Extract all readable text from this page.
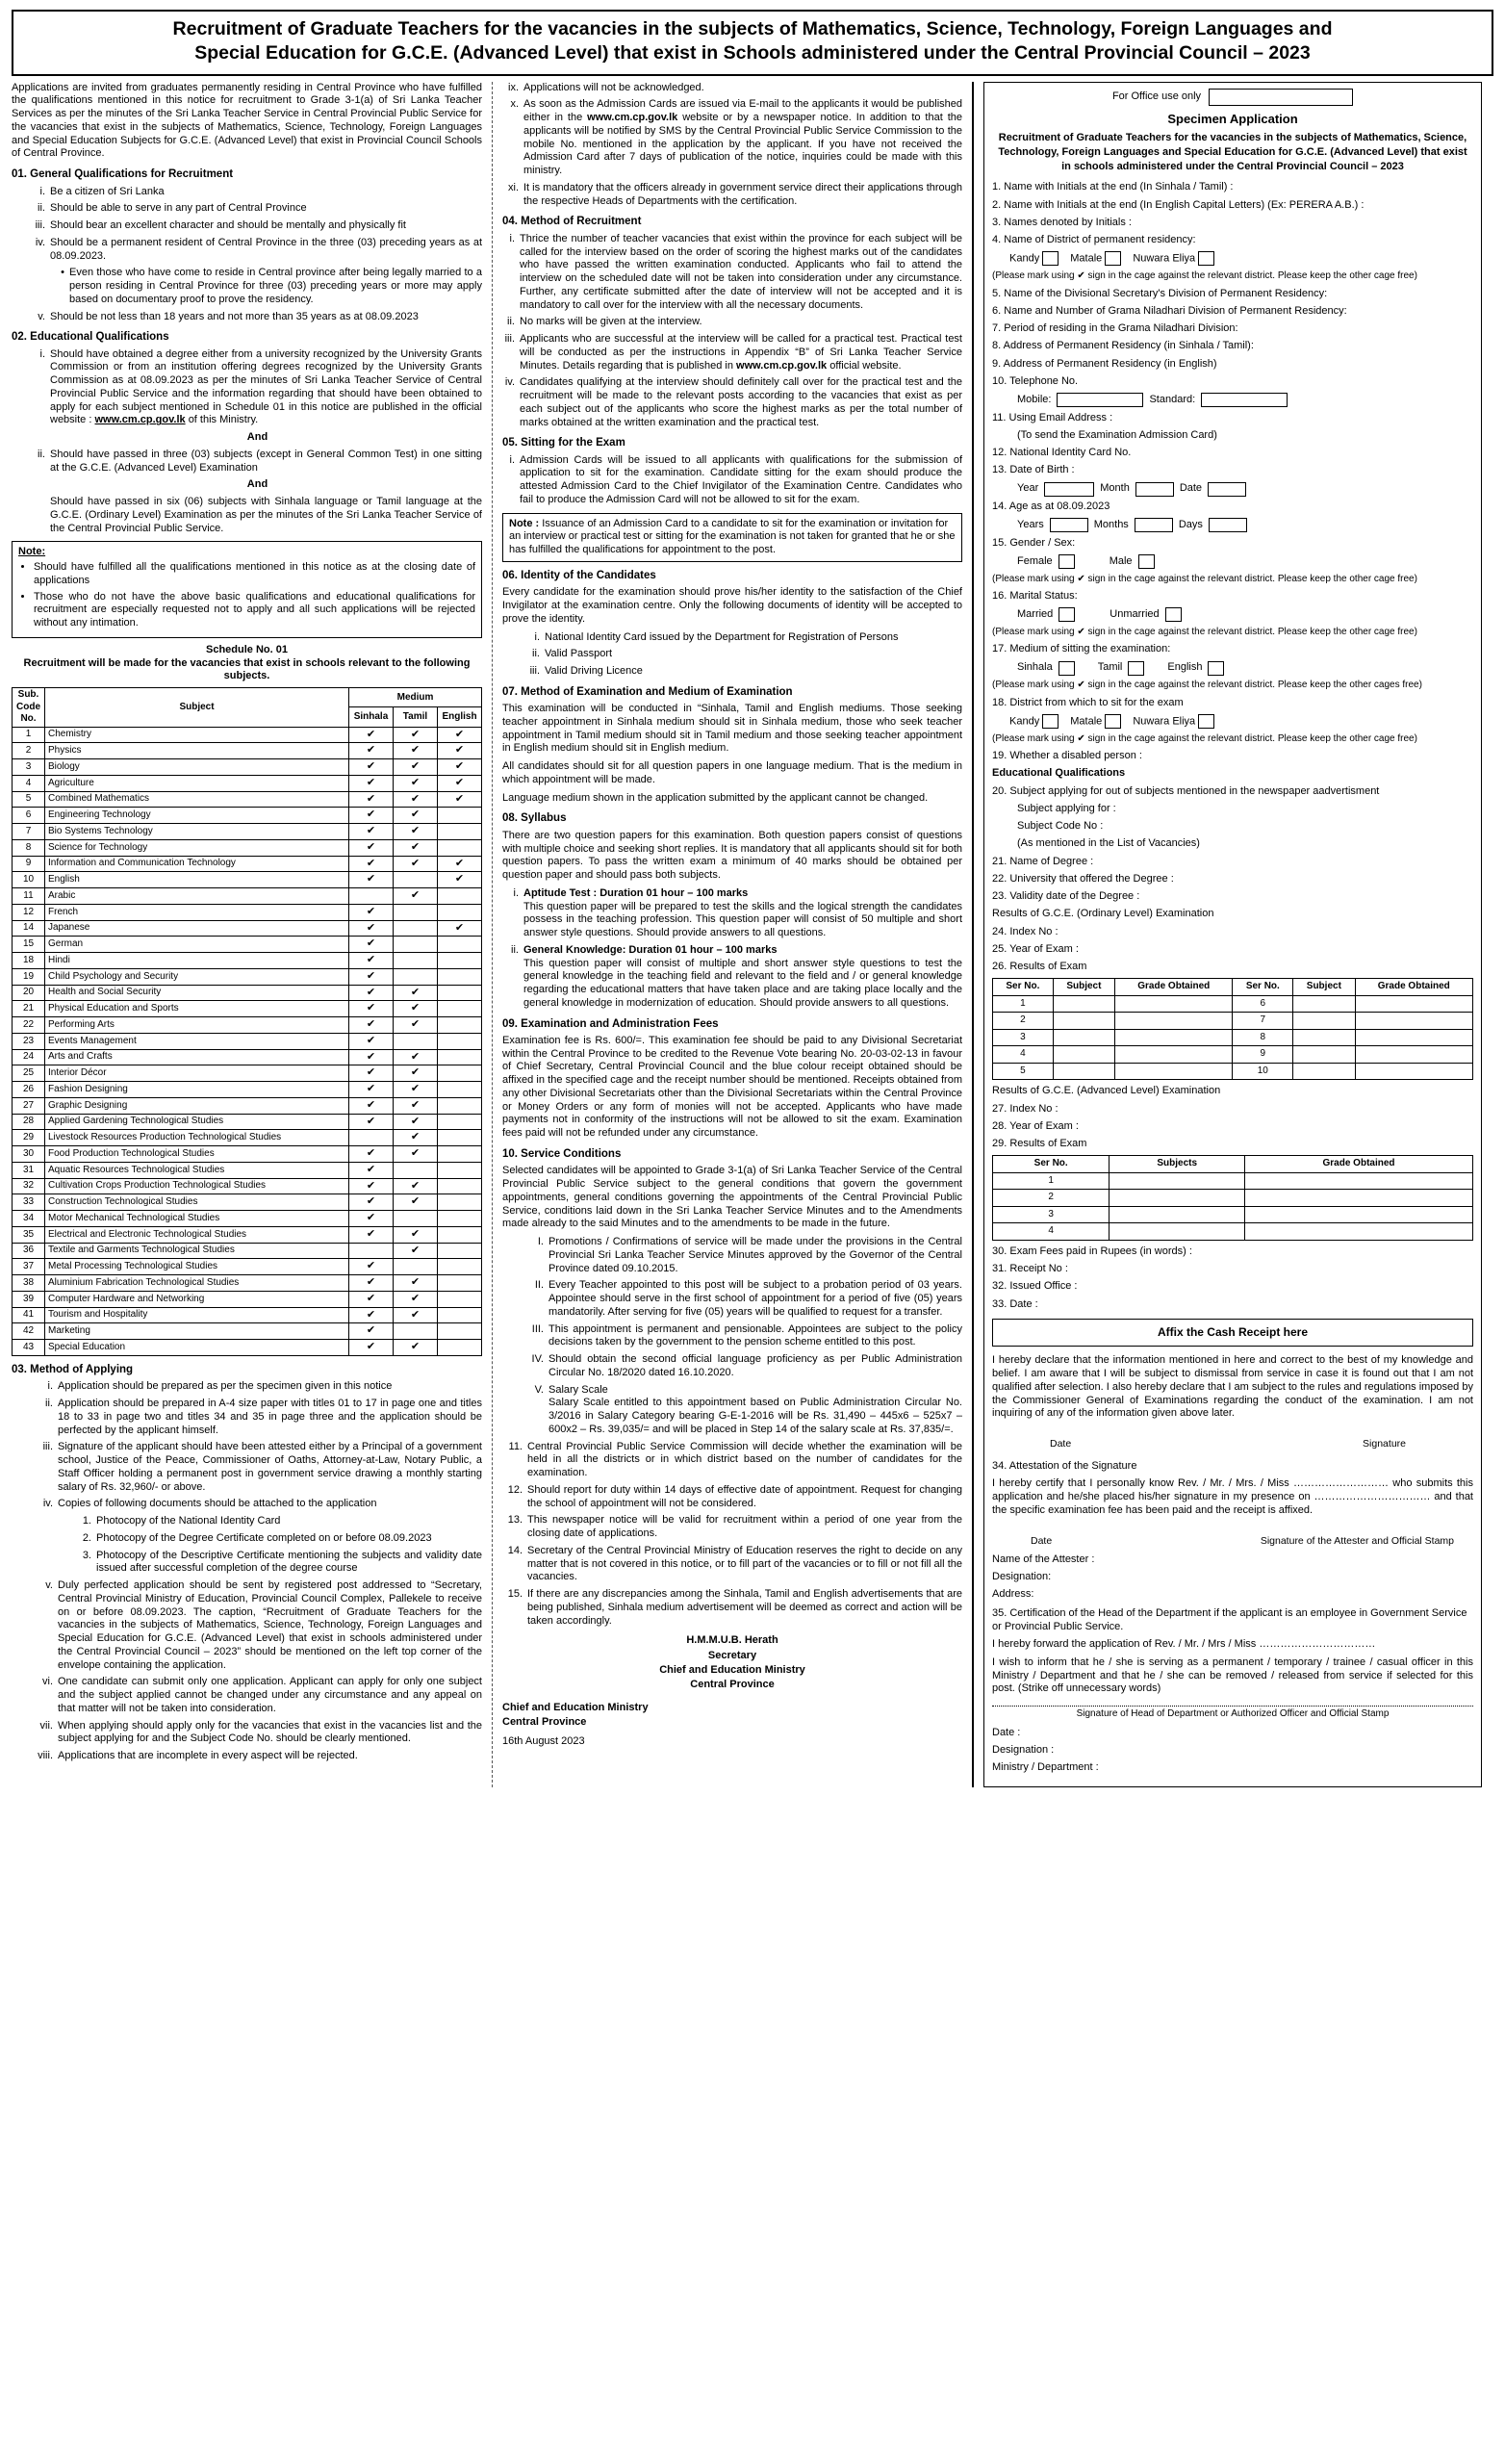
Recruitment of Graduate Teachers for the vacancies in the subjects of Mathematics, Science, Technology, Foreign Languages and
Special Education for G.C.E. (Advanced Level) that exist in Schools administered under the Central Provincial Council – 2023

Applications are invited from graduates permanently residing in Central Province who have fulfilled the qualifications mentioned in this notice for recruitment to Grade 3-1(a) of Sri Lanka Teacher Services as per the minutes of the Sri Lanka Teacher Service in Central Provincial Public Service for the vacancies that exist in the subjects of Mathematics, Science, Technology, Foreign Languages and Special Education Subjects for G.C.E. (Advanced Level) that exist in Provincial Council Schools of Central Province.

01. General Qualifications for Recruitment
i. Be a citizen of Sri Lanka
ii. Should be able to serve in any part of Central Province
iii. Should bear an excellent character and should be mentally and physically fit
iv. Should be a permanent resident of Central Province in the three (03) preceding years as at 08.09.2023.
• Even those who have come to reside in Central province after being legally married to a person residing in Central Province for three (03) preceding years or more may apply based on documentary proof to prove the residency.
v. Should be not less than 18 years and not more than 35 years as at 08.09.2023
02. Educational Qualifications
i. Should have obtained a degree either from a university recognized by the University Grants Commission or from an institution offering degrees recognized by the University Grants Commission as at 08.09.2023 as per the minutes of Sri Lanka Teacher Service of Central Provincial Public Service and the information regarding that should have been obtained to apply for each subject mentioned in Schedule 01 in this notice are published in the official website : www.cm.cp.gov.lk of this Ministry.
And
ii. Should have passed in three (03) subjects (except in General Common Test) in one sitting at the G.C.E. (Advanced Level) Examination
And
Should have passed in six (06) subjects with Sinhala language or Tamil language at the G.C.E. (Ordinary Level) Examination as per the minutes of the Sri Lanka Teacher Service of the Central Provincial Public Service.
Note:
• Should have fulfilled all the qualifications mentioned in this notice as at the closing date of applications
• Those who do not have the above basic qualifications and educational qualifications for recruitment are especially requested not to apply and all such applications will be rejected without any intimation.
Schedule No. 01
Recruitment will be made for the vacancies that exist in schools relevant to the following subjects.
Sub. Code No.	Subject	Medium		
		Sinhala	Tamil	English
1	Chemistry	✔	✔	✔
2	Physics	✔	✔	✔
3	Biology	✔	✔	✔
4	Agriculture	✔	✔	✔
5	Combined Mathematics	✔	✔	✔
6	Engineering Technology	✔	✔	
7	Bio Systems Technology	✔	✔	
8	Science for Technology	✔	✔	
9	Information and Communication Technology	✔	✔	✔
10	English	✔		✔
11	Arabic		✔	
12	French	✔		
14	Japanese	✔		✔
15	German	✔		
18	Hindi	✔		
19	Child Psychology and Security	✔		
20	Health and Social Security	✔	✔	
21	Physical Education and Sports	✔	✔	
22	Performing Arts	✔	✔	
23	Events Management	✔		
24	Arts and Crafts	✔	✔	
25	Interior Décor	✔	✔	
26	Fashion Designing	✔	✔	
27	Graphic Designing	✔	✔	
28	Applied Gardening Technological Studies	✔	✔	
29	Livestock Resources Production Technological Studies		✔	
30	Food Production Technological Studies	✔	✔	
31	Aquatic Resources Technological Studies	✔		
32	Cultivation Crops Production Technological Studies	✔	✔	
33	Construction Technological Studies	✔	✔	
34	Motor Mechanical Technological Studies	✔		
35	Electrical and Electronic Technological Studies	✔	✔	
36	Textile and Garments Technological Studies		✔	
37	Metal Processing Technological Studies	✔		
38	Aluminium Fabrication Technological Studies	✔	✔	
39	Computer Hardware and Networking	✔	✔	
41	Tourism and Hospitality	✔	✔	
42	Marketing	✔		
43	Special Education	✔	✔	
03. Method of Applying
i. Application should be prepared as per the specimen given in this notice
ii. Application should be prepared in A-4 size paper with titles 01 to 17 in page one and titles 18 to 33 in page two and titles 34 and 35 in page three and the application should be perfected by the applicant himself.
iii. Signature of the applicant should have been attested either by a Principal of a government school, Justice of the Peace, Commissioner of Oaths, Attorney-at-Law, Notary Public, a Staff Officer holding a permanent post in government service drawing a monthly starting salary of Rs. 32,960/- or above.
iv. Copies of following documents should be attached to the application
1. Photocopy of the National Identity Card
2. Photocopy of the Degree Certificate completed on or before 08.09.2023
3. Photocopy of the Descriptive Certificate mentioning the subjects and validity date issued after successful completion of the degree course
v. Duly perfected application should be sent by registered post addressed to “Secretary, Central Provincial Ministry of Education, Provincial Council Complex, Pallekele to receive on or before 08.09.2023. The caption, “Recruitment of Graduate Teachers for the vacancies in the subjects of Mathematics, Science, Technology, Foreign Languages and Special Education for G.C.E. (Advanced Level) that exist in schools administered under the Central Provincial Council – 2023” should be mentioned on the left top corner of the envelope containing the application.
vi. One candidate can submit only one application. Applicant can apply for only one subject and the subject applied cannot be changed under any circumstance and any appeal on that matter will not be taken into consideration.
vii. When applying should apply only for the vacancies that exist in the vacancies list and the subject applying for and the Subject Code No. should be clearly mentioned.
viii. Applications that are incomplete in every aspect will be rejected.
ix. Applications will not be acknowledged.
x. As soon as the Admission Cards are issued via E-mail to the applicants it would be published either in the www.cm.cp.gov.lk website or by a newspaper notice. In addition to that the applicants will be notified by SMS by the Central Provincial Public Service Commission to the mobile No. mentioned in the application by the applicant. If you have not received the Admission Card after 7 days of publication of the notice, inquiries could be made with this ministry.
xi. It is mandatory that the officers already in government service direct their applications through the respective Heads of Departments with the certification.
04. Method of Recruitment
i. Thrice the number of teacher vacancies that exist within the province for each subject will be called for the interview based on the order of scoring the highest marks out of the candidates who have passed the written examination conducted. Applicants who fail to attend the interview on the scheduled date will not be taken into consideration under any circumstance. Further, any certificate submitted after the date of interview will not be accepted and it is mandatory to call over for the interview with all the necessary documents.
ii. No marks will be given at the interview.
iii. Applicants who are successful at the interview will be called for a practical test. Practical test will be conducted as per the instructions in Appendix “B” of Sri Lanka Teacher Service Minutes. Details regarding that is published in www.cm.cp.gov.lk official website.
iv. Candidates qualifying at the interview should definitely call over for the practical test and the recruitment will be made to the relevant posts according to the vacancies that exist as per each subject out of the applicants who score the highest marks as per the total number of marks obtained at the written examination and the practical test.
05. Sitting for the Exam
i. Admission Cards will be issued to all applicants with qualifications for the submission of application to sit for the examination. Candidate sitting for the exam should produce the attested Admission Card to the Chief Invigilator of the Examination Centre. Candidates who fail to produce the Admission Card will not be allowed to sit for the exam.
Note : Issuance of an Admission Card to a candidate to sit for the examination or invitation for an interview or practical test or sitting for the examination is not taken for granted that he or she has fulfilled the qualifications for appointment to the post.
06. Identity of the Candidates

Every candidate for the examination should prove his/her identity to the satisfaction of the Chief Invigilator at the examination centre. Only the following documents of identity will be accepted to prove the identity.

i. National Identity Card issued by the Department for Registration of Persons
ii. Valid Passport
iii. Valid Driving Licence
07. Method of Examination and Medium of Examination

This examination will be conducted in “Sinhala, Tamil and English mediums. Those seeking teacher appointment in Sinhala medium should sit in Sinhala medium, those who seek teacher appointment in Tamil medium should sit in Tamil medium and those seeking teacher appointment in English medium should sit in English medium.

All candidates should sit for all question papers in one language medium. That is the medium in which appointment will be made.

Language medium shown in the application submitted by the applicant cannot be changed.

08. Syllabus

There are two question papers for this examination. Both question papers consist of questions with multiple choice and seeking short replies. It is mandatory that all applicants should sit for both question papers. To pass the written exam a minimum of 40 marks should be obtained per question paper and should pass both subjects.

i. Aptitude Test : Duration 01 hour – 100 marks
This question paper will be prepared to test the skills and the logical strength the candidates possess in the teaching profession. This question paper will consist of 50 multiple and short answer style questions. Should provide answers to all questions.
ii. General Knowledge: Duration 01 hour – 100 marks
This question paper will consist of multiple and short answer style questions to test the general knowledge in the teaching field and relevant to the field and / or general knowledge regarding the educational matters that have taken place and are taking place locally and the general knowledge in modernization of education. Should provide answers to all questions.
09. Examination and Administration Fees

Examination fee is Rs. 600/=. This examination fee should be paid to any Divisional Secretariat within the Central Province to be credited to the Revenue Vote bearing No. 20-03-02-13 in favour of Chief Secretary, Central Provincial Council and the blue colour receipt obtained should be affixed in the specified cage and the receipt number should be mentioned. Receipts obtained from any other Divisional Secretariats other than the Divisional Secretariats within the Central Province or Money Orders or any form of monies will not be accepted. Applicants who have made payments not in conformity of the instructions will not be allowed to sit the exam. Examination fees paid will not be refunded under any circumstance.

10. Service Conditions

Selected candidates will be appointed to Grade 3-1(a) of Sri Lanka Teacher Service of the Central Provincial Public Service subject to the general conditions that govern the government appointments, general conditions governing the appointments of the Central Provincial Public Service, conditions laid down in the Sri Lanka Teacher Service Minutes and to the Amendments made already to the said Minutes and to the amendments to be made in the future.

I. Promotions / Confirmations of service will be made under the provisions in the Central Provincial Sri Lanka Teacher Service Minutes approved by the Governor of the Central Province dated 09.10.2015.
II. Every Teacher appointed to this post will be subject to a probation period of 03 years. Appointee should serve in the first school of appointment for a period of five (05) years mandatorily. After serving for five (05) years will be qualified to request for a transfer.
III. This appointment is permanent and pensionable. Appointees are subject to the policy decisions taken by the government to the pension scheme entitled to this post.
IV. Should obtain the second official language proficiency as per Public Administration Circular No. 18/2020 dated 16.10.2020.
V. Salary Scale
Salary Scale entitled to this appointment based on Public Administration Circular No. 3/2016 in Salary Category bearing G-E-1-2016 will be Rs. 31,490 – 445x6 – 525x7 – 600x2 – Rs. 39,035/= and will be placed in Step 14 of the salary scale at Rs. 37,835/=.
11. Central Provincial Public Service Commission will decide whether the examination will be held in all the districts or in which district based on the number of candidates for the examination.
12. Should report for duty within 14 days of effective date of appointment. Request for changing the school of appointment will not be considered.
13. This newspaper notice will be valid for recruitment within a period of one year from the closing date of applications.
14. Secretary of the Central Provincial Ministry of Education reserves the right to decide on any matter that is not covered in this notice, or to fill part of the vacancies or to fill or not fill all the vacancies.
15. If there are any discrepancies among the Sinhala, Tamil and English advertisements that are being published, Sinhala medium advertisement will be deemed as correct and action will be taken accordingly.
H.M.M.U.B. Herath
Secretary
Chief and Education Ministry
Central Province
Chief and Education Ministry
Central Province
16th August 2023
For Office use only
Specimen Application
Recruitment of Graduate Teachers for the vacancies in the subjects of Mathematics, Science, Technology, Foreign Languages and Special Education for G.C.E. (Advanced Level) that exist in schools administered under the Central Provincial Council – 2023
1. Name with Initials at the end (In Sinhala / Tamil) :
2. Name with Initials at the end (In English Capital Letters) (Ex: PERERA A.B.) :
3. Names denoted by Initials :
4. Name of District of permanent residency:
Kandy	Matale	Nuwara Eliya
(Please mark using ✔ sign in the cage against the relevant district. Please keep the other cage free)
5. Name of the Divisional Secretary's Division of Permanent Residency:
6. Name and Number of Grama Niladhari Division of Permanent Residency:
7. Period of residing in the Grama Niladhari Division:
8. Address of Permanent Residency (in Sinhala / Tamil):
9. Address of Permanent Residency (in English)
10. Telephone No.
Mobile:	Standard:
11. Using Email Address :
(To send the Examination Admission Card)
12. National Identity Card No.
13. Date of Birth :
Year	Month	Date
14. Age as at 08.09.2023
Years	Months	Days
15. Gender / Sex:
Female	Male
(Please mark using ✔ sign in the cage against the relevant district. Please keep the other cage free)
16. Marital Status:
Married	Unmarried
(Please mark using ✔ sign in the cage against the relevant district. Please keep the other cage free)
17. Medium of sitting the examination:
Sinhala	Tamil	English
(Please mark using ✔ sign in the cage against the relevant district. Please keep the other cages free)
18. District from which to sit for the exam
Kandy	Matale	Nuwara Eliya
(Please mark using ✔ sign in the cage against the relevant district. Please keep the other cage free)
19. Whether a disabled person :
Educational Qualifications
20. Subject applying for out of subjects mentioned in the newspaper aadvertisment
Subject applying for :
Subject Code No :
(As mentioned in the List of Vacancies)
21. Name of Degree :
22. University that offered the Degree :
23. Validity date of the Degree :
Results of G.C.E. (Ordinary Level) Examination
24. Index No :
25. Year of Exam :
26. Results of Exam
Ser No.	Subject	Grade Obtained	Ser No.	Subject	Grade Obtained
1			6		
2			7		
3			8		
4			9		
5			10		
Results of G.C.E. (Advanced Level) Examination
27. Index No :
28. Year of Exam :
29. Results of Exam
Ser No.	Subjects	Grade Obtained
1		
2		
3		
4		
30. Exam Fees paid in Rupees (in words) :
31. Receipt No :
32. Issued Office :
33. Date :
Affix the Cash Receipt here

I hereby declare that the information mentioned in here and correct to the best of my knowledge and belief. I am aware that I will be subject to dismissal from service in case it is found out that I am not qualified after selection. I also hereby declare that I am subject to the rules and regulations imposed by the Commissioner General of Examinations regarding the conduct of the examination. I am not inquiring of any of the information given above later.

Date	Signature
34. Attestation of the Signature

I hereby certify that I personally know Rev. / Mr. / Mrs. / Miss ……………………… who submits this application and he/she placed his/her signature in my presence on …………………………… and that the specific examination fee has been paid and the receipt is affixed.

Date	Signature of the Attester and Official Stamp
Name of the Attester :
Designation:
Address:
35. Certification of the Head of the Department if the applicant is an employee in Government Service or Provincial Public Service.

I hereby forward the application of Rev. / Mr. / Mrs / Miss ……………………………

I wish to inform that he / she is serving as a permanent / temporary / trainee / casual officer in this Ministry / Department and that he / she can be removed / released from service if selected for this post. (Strike off unnecessary words)

Signature of Head of Department or Authorized Officer and Official Stamp
Date :
Designation :
Ministry / Department :
